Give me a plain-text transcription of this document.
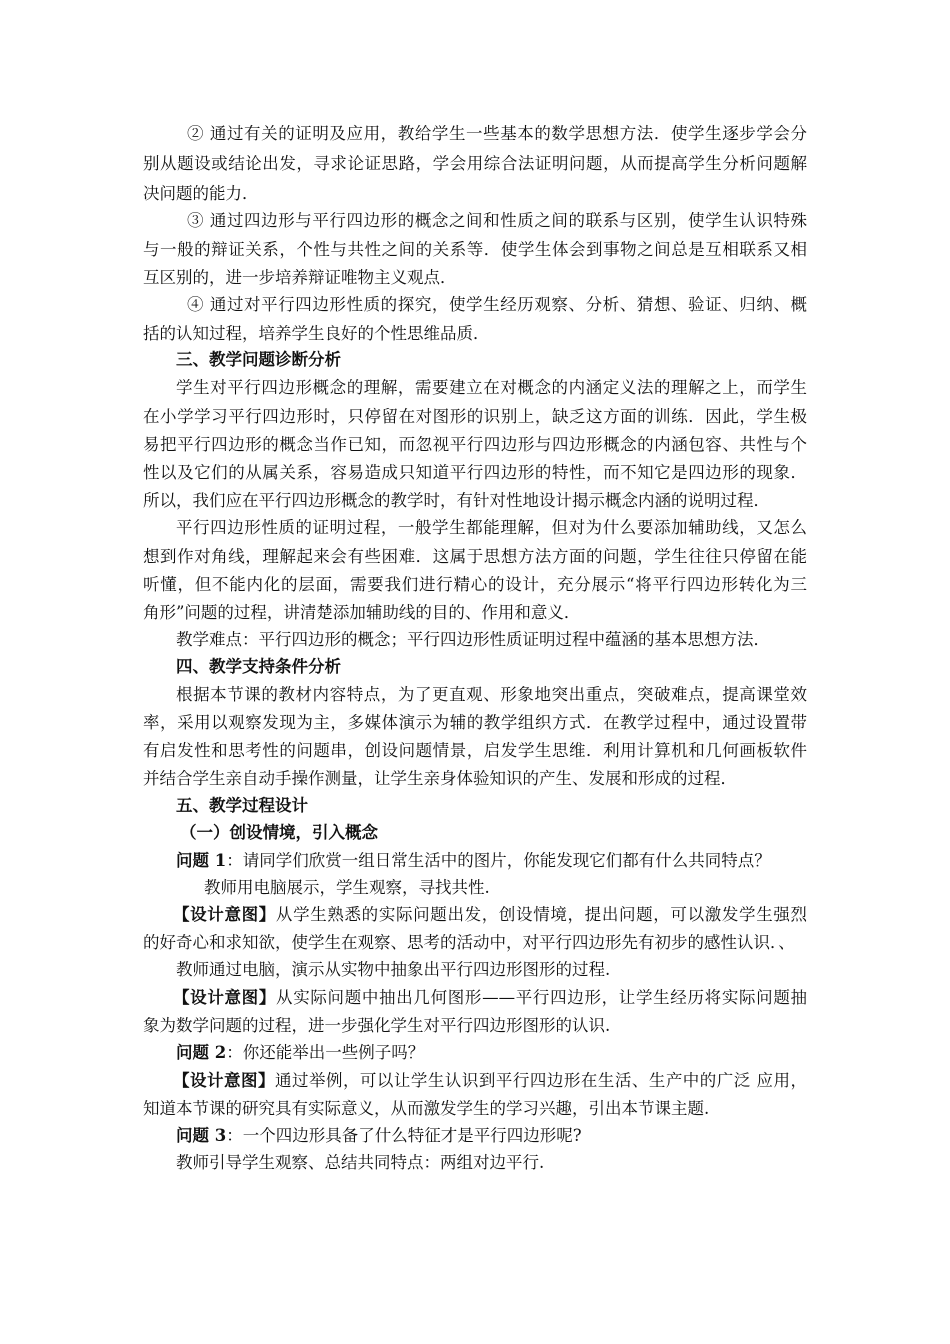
② 通过有关的证明及应用，教给学生一些基本的数学思想方法．使学生逐步学会分
别从题设或结论出发，寻求论证思路，学会用综合法证明问题，从而提高学生分析问题解
决问题的能力．
③ 通过四边形与平行四边形的概念之间和性质之间的联系与区别，使学生认识特殊
与一般的辩证关系，个性与共性之间的关系等．使学生体会到事物之间总是互相联系又相
互区别的，进一步培养辩证唯物主义观点．
④ 通过对平行四边形性质的探究，使学生经历观察、分析、猜想、验证、归纳、概
括的认知过程，培养学生良好的个性思维品质．
三、教学问题诊断分析
学生对平行四边形概念的理解，需要建立在对概念的内涵定义法的理解之上，而学生
在小学学习平行四边形时，只停留在对图形的识别上，缺乏这方面的训练．因此，学生极
易把平行四边形的概念当作已知，而忽视平行四边形与四边形概念的内涵包容、共性与个
性以及它们的从属关系，容易造成只知道平行四边形的特性，而不知它是四边形的现象．
所以，我们应在平行四边形概念的教学时，有针对性地设计揭示概念内涵的说明过程．
平行四边形性质的证明过程，一般学生都能理解，但对为什么要添加辅助线，又怎么
想到作对角线，理解起来会有些困难．这属于思想方法方面的问题，学生往往只停留在能
听懂，但不能内化的层面，需要我们进行精心的设计，充分展示“将平行四边形转化为三
角形”问题的过程，讲清楚添加辅助线的目的、作用和意义．
教学难点：平行四边形的概念；平行四边形性质证明过程中蕴涵的基本思想方法．
四、教学支持条件分析
根据本节课的教材内容特点，为了更直观、形象地突出重点，突破难点，提高课堂效
率，采用以观察发现为主，多媒体演示为辅的教学组织方式．在教学过程中，通过设置带
有启发性和思考性的问题串，创设问题情景，启发学生思维．利用计算机和几何画板软件
并结合学生亲自动手操作测量，让学生亲身体验知识的产生、发展和形成的过程．
五、教学过程设计
（一）创设情境，引入概念
问题 1：请同学们欣赏一组日常生活中的图片，你能发现它们都有什么共同特点？
教师用电脑展示，学生观察，寻找共性.
【设计意图】从学生熟悉的实际问题出发，创设情境，提出问题，可以激发学生强烈
的好奇心和求知欲，使学生在观察、思考的活动中，对平行四边形先有初步的感性认识．、
教师通过电脑，演示从实物中抽象出平行四边形图形的过程.
【设计意图】从实际问题中抽出几何图形——平行四边形，让学生经历将实际问题抽
象为数学问题的过程，进一步强化学生对平行四边形图形的认识.
问题 2：你还能举出一些例子吗？
【设计意图】通过举例，可以让学生认识到平行四边形在生活、生产中的广泛 应用，
知道本节课的研究具有实际意义，从而激发学生的学习兴趣，引出本节课主题.
问题 3：一个四边形具备了什么特征才是平行四边形呢?
教师引导学生观察、总结共同特点：两组对边平行.
